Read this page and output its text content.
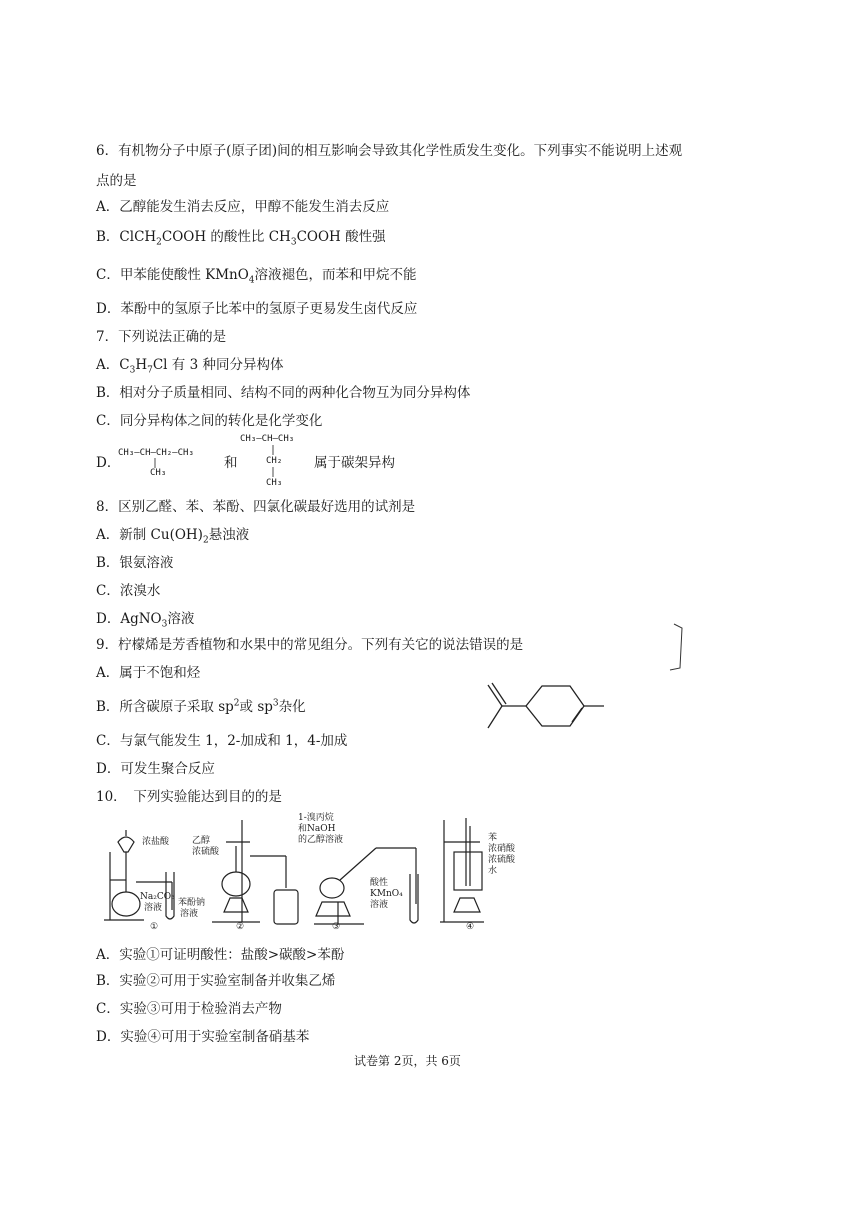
6．有机物分子中原子(原子团)间的相互影响会导致其化学性质发生变化。下列事实不能说明上述观
点的是
A．乙醇能发生消去反应，甲醇不能发生消去反应
B．ClCH$_2$COOH 的酸性比 $CH_3COOH$ 酸性强
C．甲苯能使酸性 KMnO$_4$溶液褪色，而苯和甲烷不能
D．苯酚中的氢原子比苯中的氢原子更易发生卤代反应
7．下列说法正确的是
A．$C_3H_7Cl$ 有 3 种同分异构体
B．相对分子质量相同、结构不同的两种化合物互为同分异构体
C．同分异构体之间的转化是化学变化
D．
CH₃—CH—CH₂—CH₃
CH₃
和
CH₃—CH—CH₃
CH₂
CH₃
属于碳架异构
8．区别乙醛、苯、苯酚、四氯化碳最好选用的试剂是
A．新制 $Cu(OH)_2$悬浊液
B．银氨溶液
C．浓溴水
D．AgNO$_3$溶液
9．柠檬烯是芳香植物和水果中的常见组分。下列有关它的说法错误的是
A．属于不饱和烃
B．所含碳原子采取 $sp^2$或 $sp^3$杂化
C．与氯气能发生 1，2-加成和 1，4-加成
D．可发生聚合反应
10．　下列实验能达到目的的是
浓盐酸
Na₂CO₃
溶液 苯酚钠
溶液
①
乙醇
浓硫酸
②
1-溴丙烷
和NaOH
的乙醇溶液
酸性
KMnO₄
溶液
③
苯
浓硝酸
浓硫酸
水
④
A．实验①可证明酸性：盐酸>碳酸>苯酚
B．实验②可用于实验室制备并收集乙烯
C．实验③可用于检验消去产物
D．实验④可用于实验室制备硝基苯
试卷第 2页，共 6页
